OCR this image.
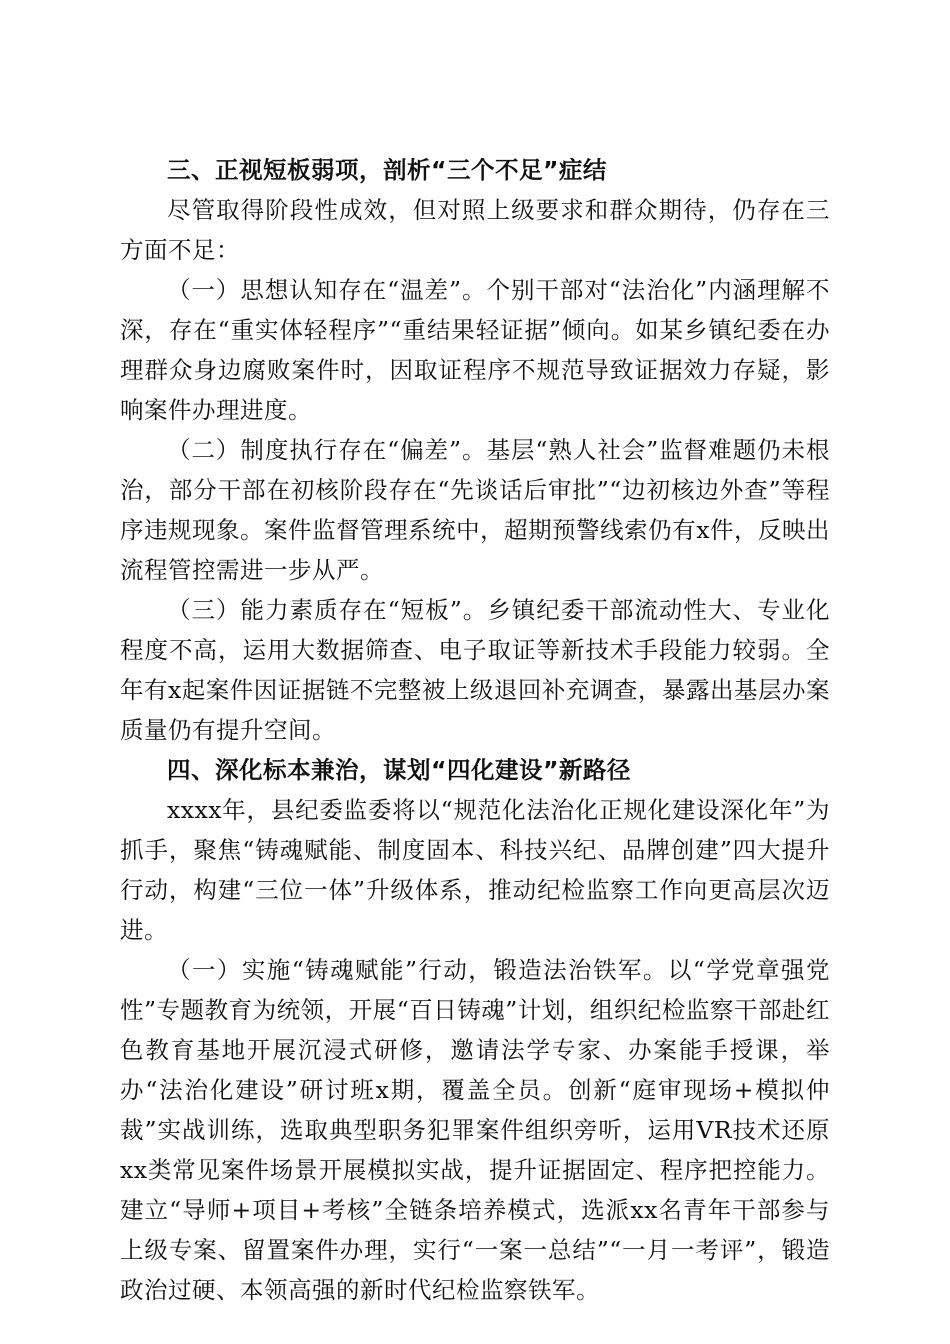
三、正视短板弱项，剖析“三个不足”症结

尽管取得阶段性成效，但对照上级要求和群众期待，仍存在三方面不足：

（一）思想认知存在“温差”。个别干部对“法治化”内涵理解不深，存在“重实体轻程序”“重结果轻证据”倾向。如某乡镇纪委在办理群众身边腐败案件时，因取证程序不规范导致证据效力存疑，影响案件办理进度。

（二）制度执行存在“偏差”。基层“熟人社会”监督难题仍未根治，部分干部在初核阶段存在“先谈话后审批”“边初核边外查”等程序违规现象。案件监督管理系统中，超期预警线索仍有x件，反映出流程管控需进一步从严。

（三）能力素质存在“短板”。乡镇纪委干部流动性大、专业化程度不高，运用大数据筛查、电子取证等新技术手段能力较弱。全年有x起案件因证据链不完整被上级退回补充调查，暴露出基层办案质量仍有提升空间。

四、深化标本兼治，谋划“四化建设”新路径

xxxx年，县纪委监委将以“规范化法治化正规化建设深化年”为抓手，聚焦“铸魂赋能、制度固本、科技兴纪、品牌创建”四大提升行动，构建“三位一体”升级体系，推动纪检监察工作向更高层次迈进。

（一）实施“铸魂赋能”行动，锻造法治铁军。以“学党章强党性”专题教育为统领，开展“百日铸魂”计划，组织纪检监察干部赴红色教育基地开展沉浸式研修，邀请法学专家、办案能手授课，举办“法治化建设”研讨班x期，覆盖全员。创新“庭审现场+模拟仲裁”实战训练，选取典型职务犯罪案件组织旁听，运用VR技术还原xx类常见案件场景开展模拟实战，提升证据固定、程序把控能力。建立“导师+项目+考核”全链条培养模式，选派xx名青年干部参与上级专案、留置案件办理，实行“一案一总结”“一月一考评”，锻造政治过硬、本领高强的新时代纪检监察铁军。
